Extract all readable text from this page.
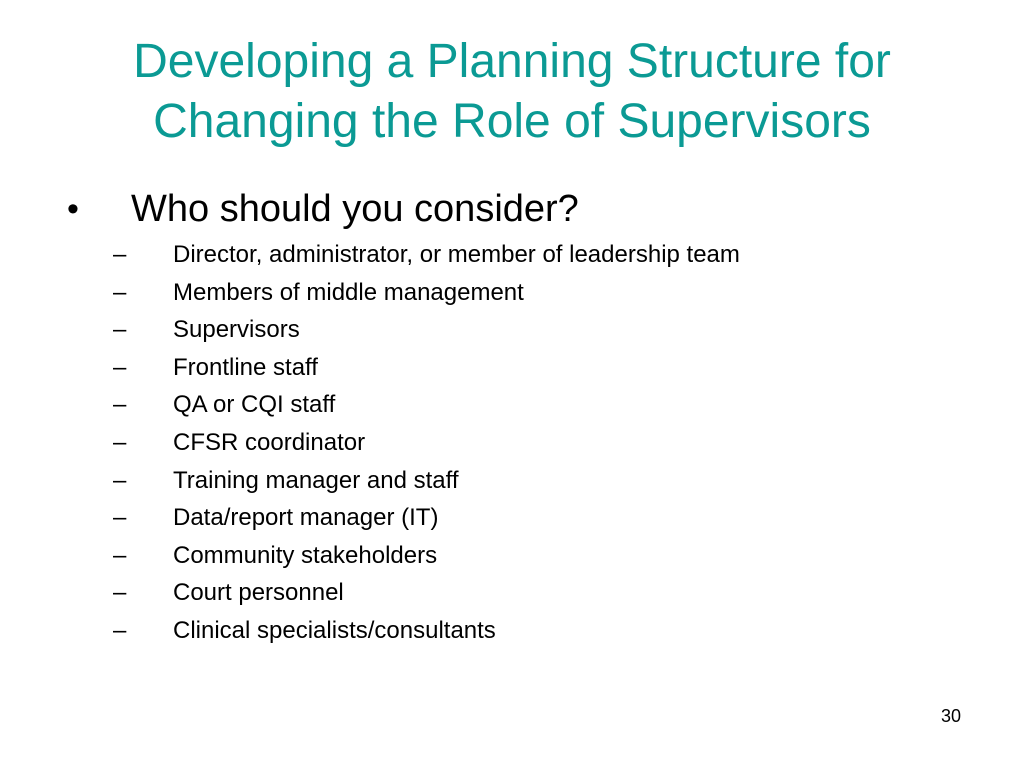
Developing a Planning Structure for
Changing the Role of Supervisors
•	Who should you consider?
–	Director, administrator, or member of leadership team
–	Members of middle management
–	Supervisors
–	Frontline staff
–	QA or CQI staff
–	CFSR coordinator
–	Training manager and staff
–	Data/report manager (IT)
–	Community stakeholders
–	Court personnel
–	Clinical specialists/consultants
30
